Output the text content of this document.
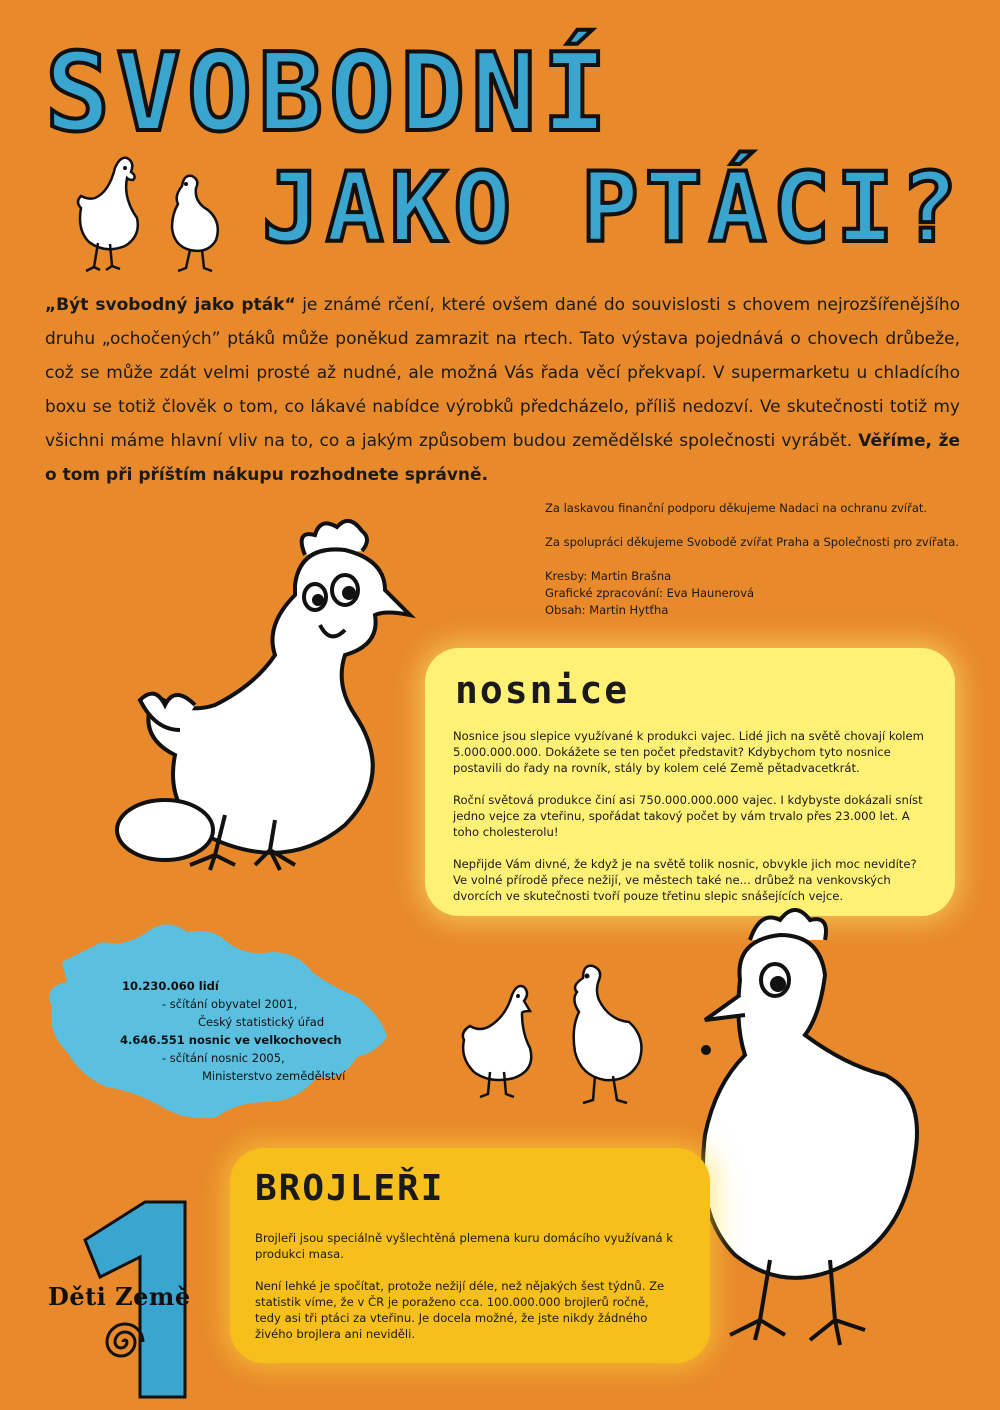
SVOBODNÍ
JAKO PTÁCI?
„Být svobodný jako pták“ je známé rčení, které ovšem dané do souvislosti s chovem nejrozšířenějšího druhu „ochočených” ptáků může poněkud zamrazit na rtech. Tato výstava pojednává o chovech drůbeže, což se může zdát velmi prosté až nudné, ale možná Vás řada věcí překvapí. V supermarketu u chladícího boxu se totiž člověk o tom, co lákavé nabídce výrobků předcházelo, příliš nedozví. Ve skutečnosti totiž my všichni máme hlavní vliv na to, co a jakým způsobem budou zemědělské společnosti vyrábět. Věříme, že o tom při příštím nákupu rozhodnete správně.

Za laskavou finanční podporu děkujeme Nadaci na ochranu zvířat.

Za spolupráci děkujeme Svobodě zvířat Praha a Společnosti pro zvířata.

Kresby: Martin Brašna
Grafické zpracování: Eva Haunerová
Obsah: Martin Hytťha
nosnice

Nosnice jsou slepice využívané k produkci vajec. Lidé jich na světě chovají kolem 5.000.000.000. Dokážete se ten počet představit? Kdybychom tyto nosnice postavili do řady na rovník, stály by kolem celé Země pětadvacetkrát.

Roční světová produkce činí asi 750.000.000.000 vajec. I kdybyste dokázali sníst jedno vejce za vteřinu, spořádat takový počet by vám trvalo přes 23.000 let. A toho cholesterolu!

Nepřijde Vám divné, že když je na světě tolik nosnic, obvykle jich moc nevidíte? Ve volné přírodě přece nežijí, ve městech také ne... drůbež na venkovských dvorcích ve skutečnosti tvoří pouze třetinu slepic snášejících vejce.

10.230.060 lidí
- sčítání obyvatel 2001,
Český statistický úřad
4.646.551 nosnic ve velkochovech
- sčítání nosnic 2005,
Ministerstvo zemědělství
BROJLEŘI

Brojleři jsou speciálně vyšlechtěná plemena kuru domácího využívaná k produkci masa.

Není lehké je spočítat, protože nežijí déle, než nějakých šest týdnů. Ze statistik víme, že v ČR je poraženo cca. 100.000.000 brojlerů ročně, tedy asi tři ptáci za vteřinu. Je docela možné, že jste nikdy žádného živého brojlera ani neviděli.

1
Děti Země
